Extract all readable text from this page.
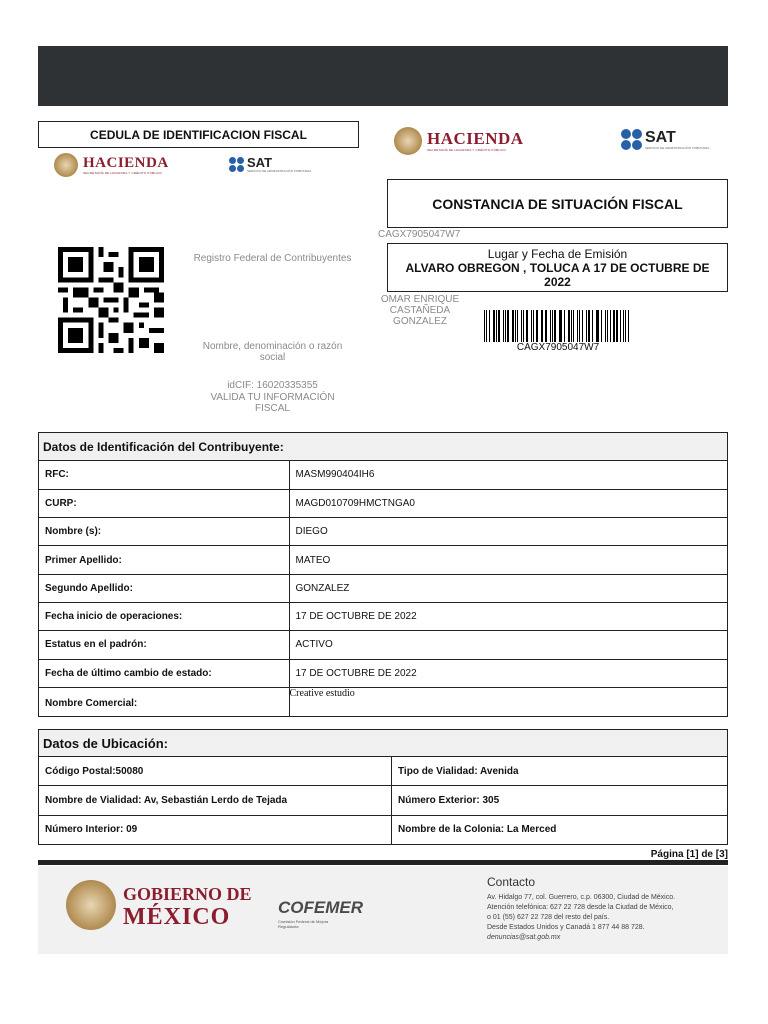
CEDULA DE IDENTIFICACION FISCAL
HACIENDA
SECRETARÍA DE HACIENDA Y CRÉDITO PÚBLICO
SAT
SERVICIO DE ADMINISTRACIÓN TRIBUTARIA
HACIENDA
SECRETARÍA DE HACIENDA Y CRÉDITO PÚBLICO
SAT
SERVICIO DE ADMINISTRACIÓN TRIBUTARIA
CONSTANCIA DE SITUACIÓN FISCAL
CAGX7905047W7
Registro Federal de Contribuyentes
Nombre, denominación o razón social
idCIF: 16020335355
VALIDA TU INFORMACIÓN FISCAL
Lugar y Fecha de Emisión
ALVARO OBREGON , TOLUCA A 17 DE OCTUBRE DE
2022
OMAR ENRIQUE
CASTAÑEDA
GONZALEZ
CAGX7905047W7
Datos de Identificación del Contribuyente:
RFC:	MASM990404IH6
CURP:	MAGD010709HMCTNGA0
Nombre (s):	DIEGO
Primer Apellido:	MATEO
Segundo Apellido:	GONZALEZ
Fecha inicio de operaciones:	17 DE OCTUBRE DE 2022
Estatus en el padrón:	ACTIVO
Fecha de último cambio de estado:	17 DE OCTUBRE DE 2022
Nombre Comercial:	Creative estudio
Datos de Ubicación:
Código Postal:50080	Tipo de Vialidad: Avenida
Nombre de Vialidad: Av, Sebastián Lerdo de Tejada	Número Exterior: 305
Número Interior: 09	Nombre de la Colonia: La Merced
Página [1] de [3]
GOBIERNO DE
MÉXICO	COFEMER
Comisión Federal de Mejora Regulatoria
Contacto
Av. Hidalgo 77, col. Guerrero, c.p. 06300, Ciudad de México.
Atención telefónica: 627 22 728 desde la Ciudad de México,
o 01 (55) 627 22 728 del resto del país.
Desde Estados Unidos y Canadá 1 877 44 88 728.
denuncias@sat.gob.mx
